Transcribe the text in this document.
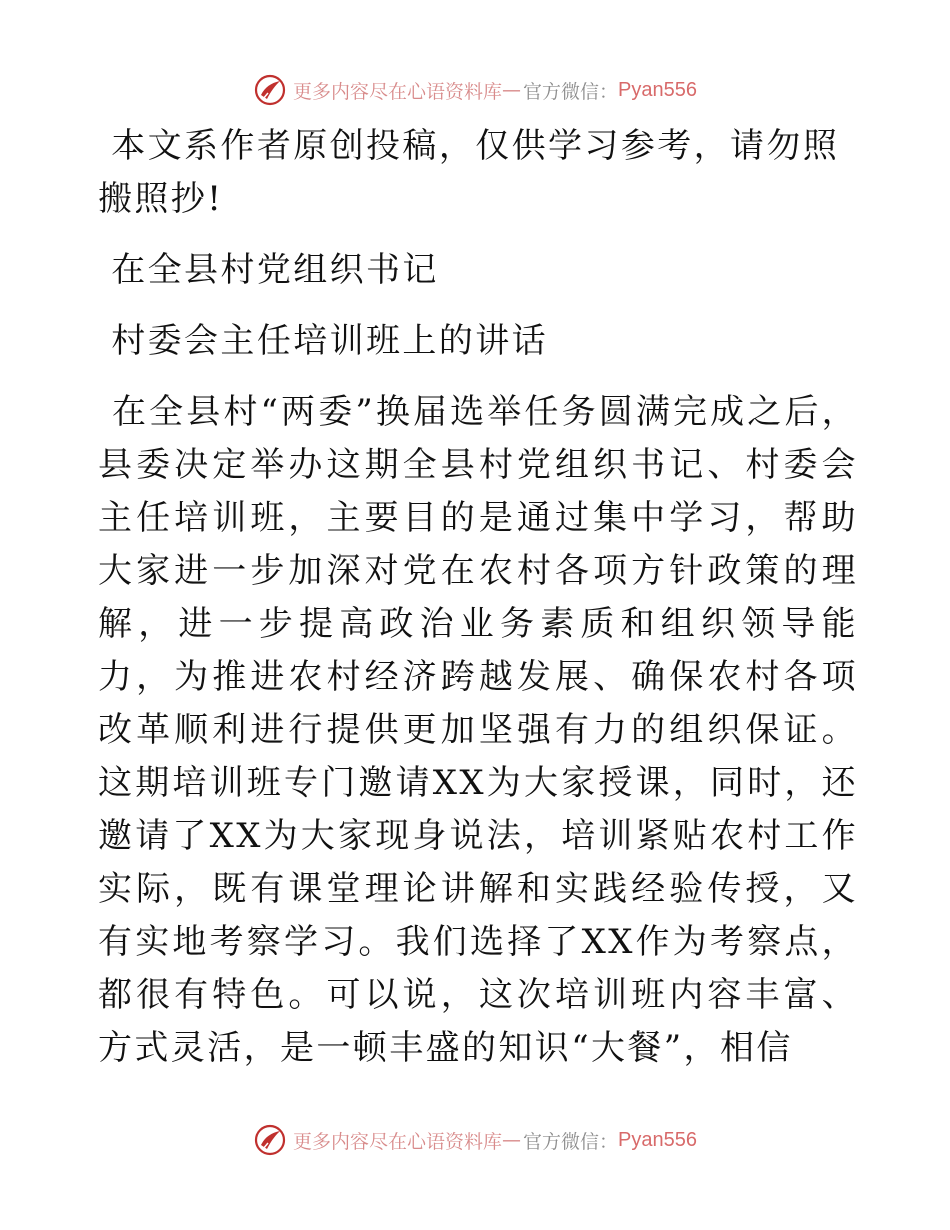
更多内容尽在心语资料库 — 官方微信： Pyan556

本文系作者原创投稿，仅供学习参考，请勿照搬照抄!

在全县村党组织书记

村委会主任培训班上的讲话

在全县村“两委”换届选举任务圆满完成之后，县委决定举办这期全县村党组织书记、村委会主任培训班，主要目的是通过集中学习，帮助大家进一步加深对党在农村各项方针政策的理解，进一步提高政治业务素质和组织领导能力，为推进农村经济跨越发展、确保农村各项改革顺利进行提供更加坚强有力的组织保证。这期培训班专门邀请XX为大家授课，同时，还邀请了XX为大家现身说法，培训紧贴农村工作实际，既有课堂理论讲解和实践经验传授，又有实地考察学习。我们选择了XX作为考察点，都很有特色。可以说，这次培训班内容丰富、方式灵活，是一顿丰盛的知识“大餐”，相信

更多内容尽在心语资料库 — 官方微信： Pyan556
